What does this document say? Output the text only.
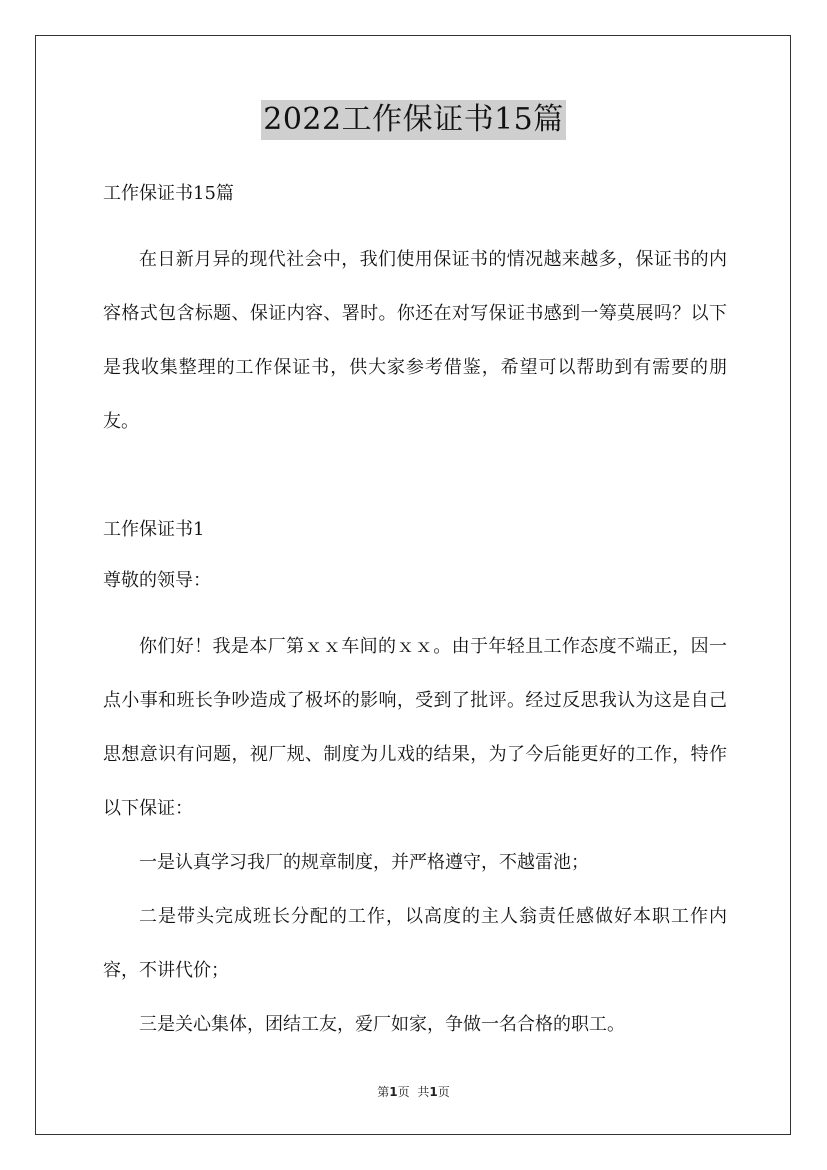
2022工作保证书15篇
工作保证书15篇

在日新月异的现代社会中，我们使用保证书的情况越来越多，保证书的内容格式包含标题、保证内容、署时。你还在对写保证书感到一筹莫展吗？以下是我收集整理的工作保证书，供大家参考借鉴，希望可以帮助到有需要的朋友。

工作保证书1
尊敬的领导：

你们好！我是本厂第ｘｘ车间的ｘｘ。由于年轻且工作态度不端正，因一点小事和班长争吵造成了极坏的影响，受到了批评。经过反思我认为这是自己思想意识有问题，视厂规、制度为儿戏的结果，为了今后能更好的工作，特作以下保证：

一是认真学习我厂的规章制度，并严格遵守，不越雷池；

二是带头完成班长分配的工作，以高度的主人翁责任感做好本职工作内容，不讲代价；

三是关心集体，团结工友，爱厂如家，争做一名合格的职工。

第1页 共1页
